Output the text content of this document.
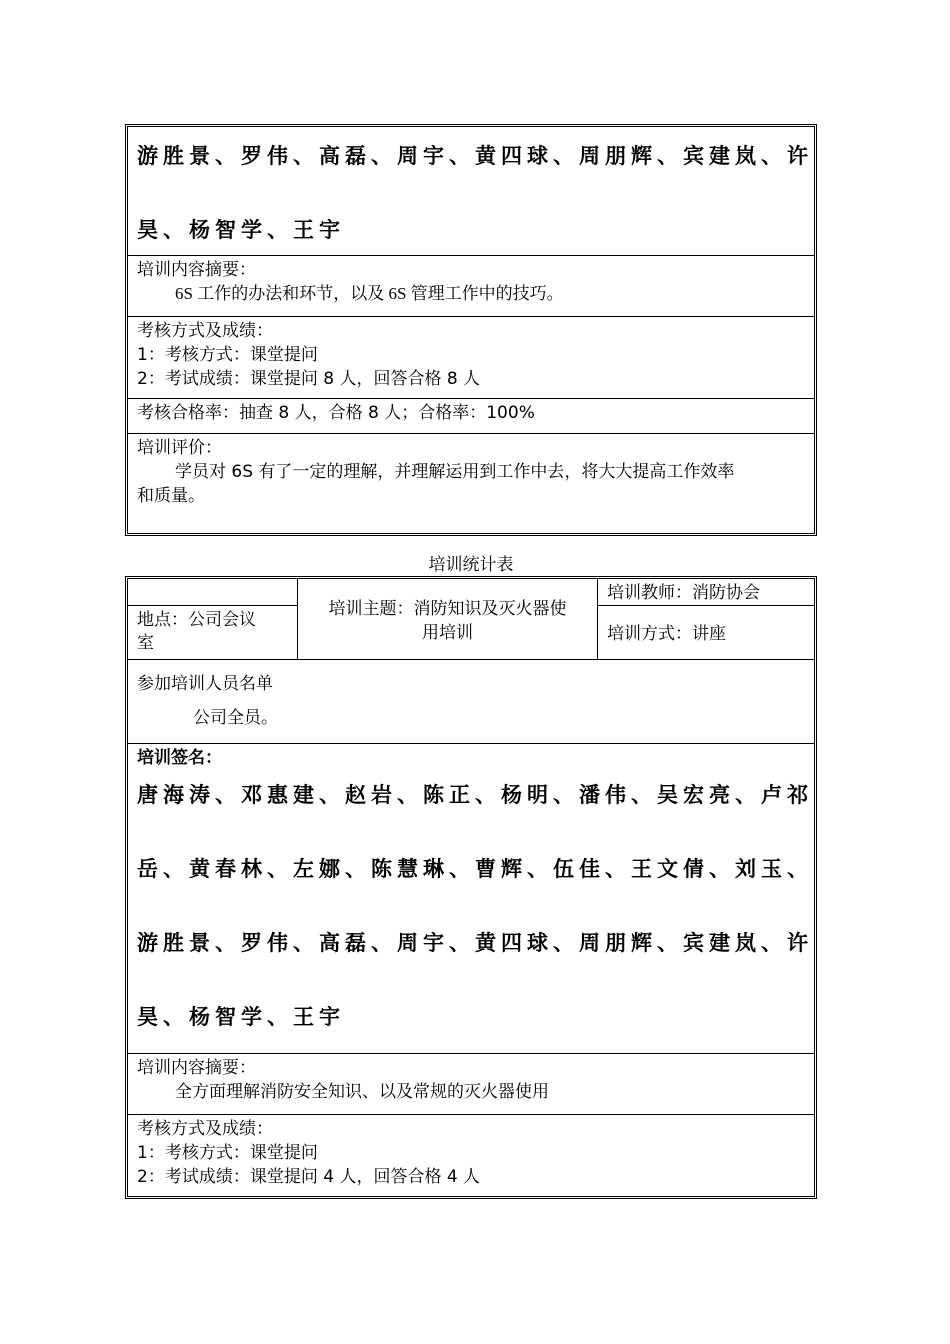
游胜景、罗伟、高磊、周宇、黄四球、周朋辉、宾建岚、许
昊、杨智学、王宇
培训内容摘要：
6S 工作的办法和环节，以及 6S 管理工作中的技巧。
考核方式及成绩：
1：考核方式：课堂提问
2：考试成绩：课堂提问 8 人，回答合格 8 人
考核合格率：抽查 8 人，合格 8 人；合格率：100%
培训评价：
学员对 6S 有了一定的理解，并理解运用到工作中去，将大大提高工作效率
和质量。
培训统计表
地点：公司会议
室
培训主题：消防知识及灭火器使
用培训
培训教师：消防协会
培训方式：讲座
参加培训人员名单
公司全员。
培训签名：
唐海涛、邓惠建、赵岩、陈正、杨明、潘伟、吴宏亮、卢祁
岳、黄春林、左娜、陈慧琳、曹辉、伍佳、王文倩、刘玉、
游胜景、罗伟、高磊、周宇、黄四球、周朋辉、宾建岚、许
昊、杨智学、王宇
培训内容摘要：
全方面理解消防安全知识、以及常规的灭火器使用
考核方式及成绩：
1：考核方式：课堂提问
2：考试成绩：课堂提问 4 人，回答合格 4 人
